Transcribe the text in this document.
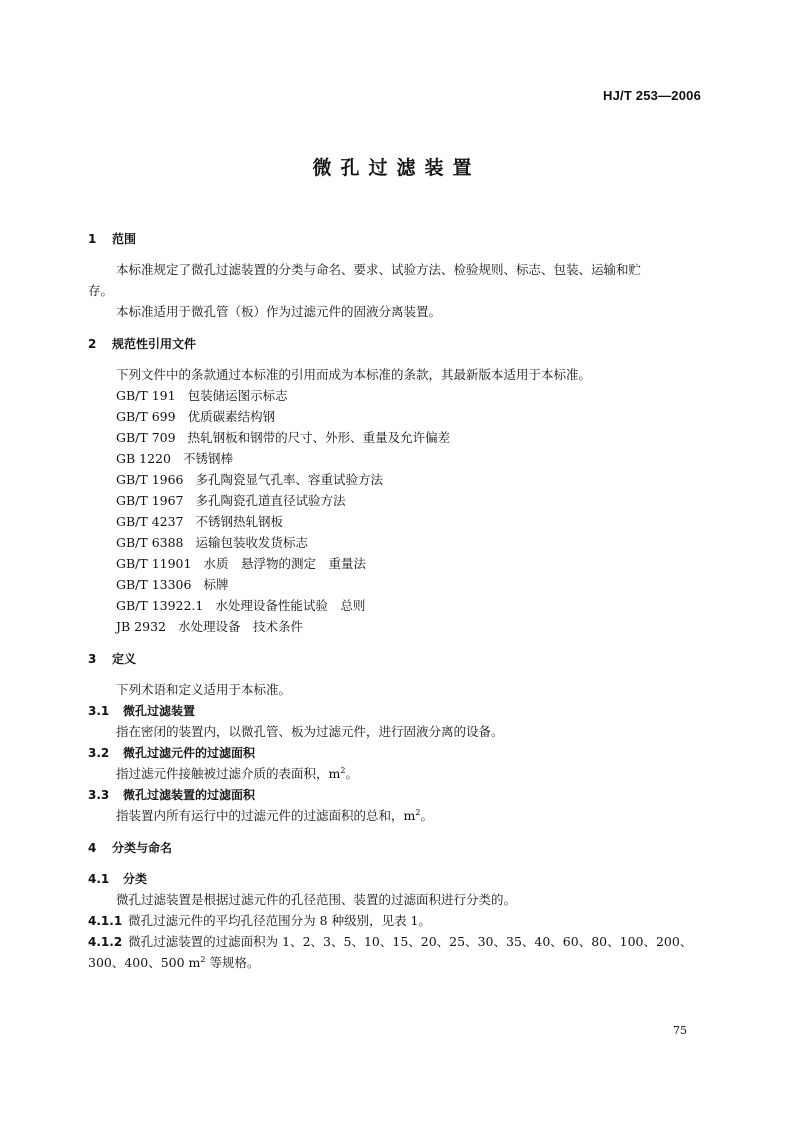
HJ/T 253—2006
微孔过滤装置
1 范围
本标准规定了微孔过滤装置的分类与命名、要求、试验方法、检验规则、标志、包装、运输和贮
存。
本标准适用于微孔管（板）作为过滤元件的固液分离装置。
2 规范性引用文件
下列文件中的条款通过本标准的引用而成为本标准的条款，其最新版本适用于本标准。
GB/T 191 包装储运图示标志
GB/T 699 优质碳素结构钢
GB/T 709 热轧钢板和钢带的尺寸、外形、重量及允许偏差
GB 1220 不锈钢棒
GB/T 1966 多孔陶瓷显气孔率、容重试验方法
GB/T 1967 多孔陶瓷孔道直径试验方法
GB/T 4237 不锈钢热轧钢板
GB/T 6388 运输包装收发货标志
GB/T 11901 水质　悬浮物的测定　重量法
GB/T 13306 标牌
GB/T 13922.1 水处理设备性能试验　总则
JB 2932 水处理设备　技术条件
3 定义
下列术语和定义适用于本标准。
3.1 微孔过滤装置
指在密闭的装置内，以微孔管、板为过滤元件，进行固液分离的设备。
3.2 微孔过滤元件的过滤面积
指过滤元件接触被过滤介质的表面积，$m^2$。
3.3 微孔过滤装置的过滤面积
指装置内所有运行中的过滤元件的过滤面积的总和，$m^2$。
4 分类与命名
4.1 分类
微孔过滤装置是根据过滤元件的孔径范围、装置的过滤面积进行分类的。
4.1.1 微孔过滤元件的平均孔径范围分为 8 种级别，见表 1。
4.1.2 微孔过滤装置的过滤面积为 1、2、3、5、10、15、20、25、30、35、40、60、80、100、200、
300、400、500 $m^2$ 等规格。
75
